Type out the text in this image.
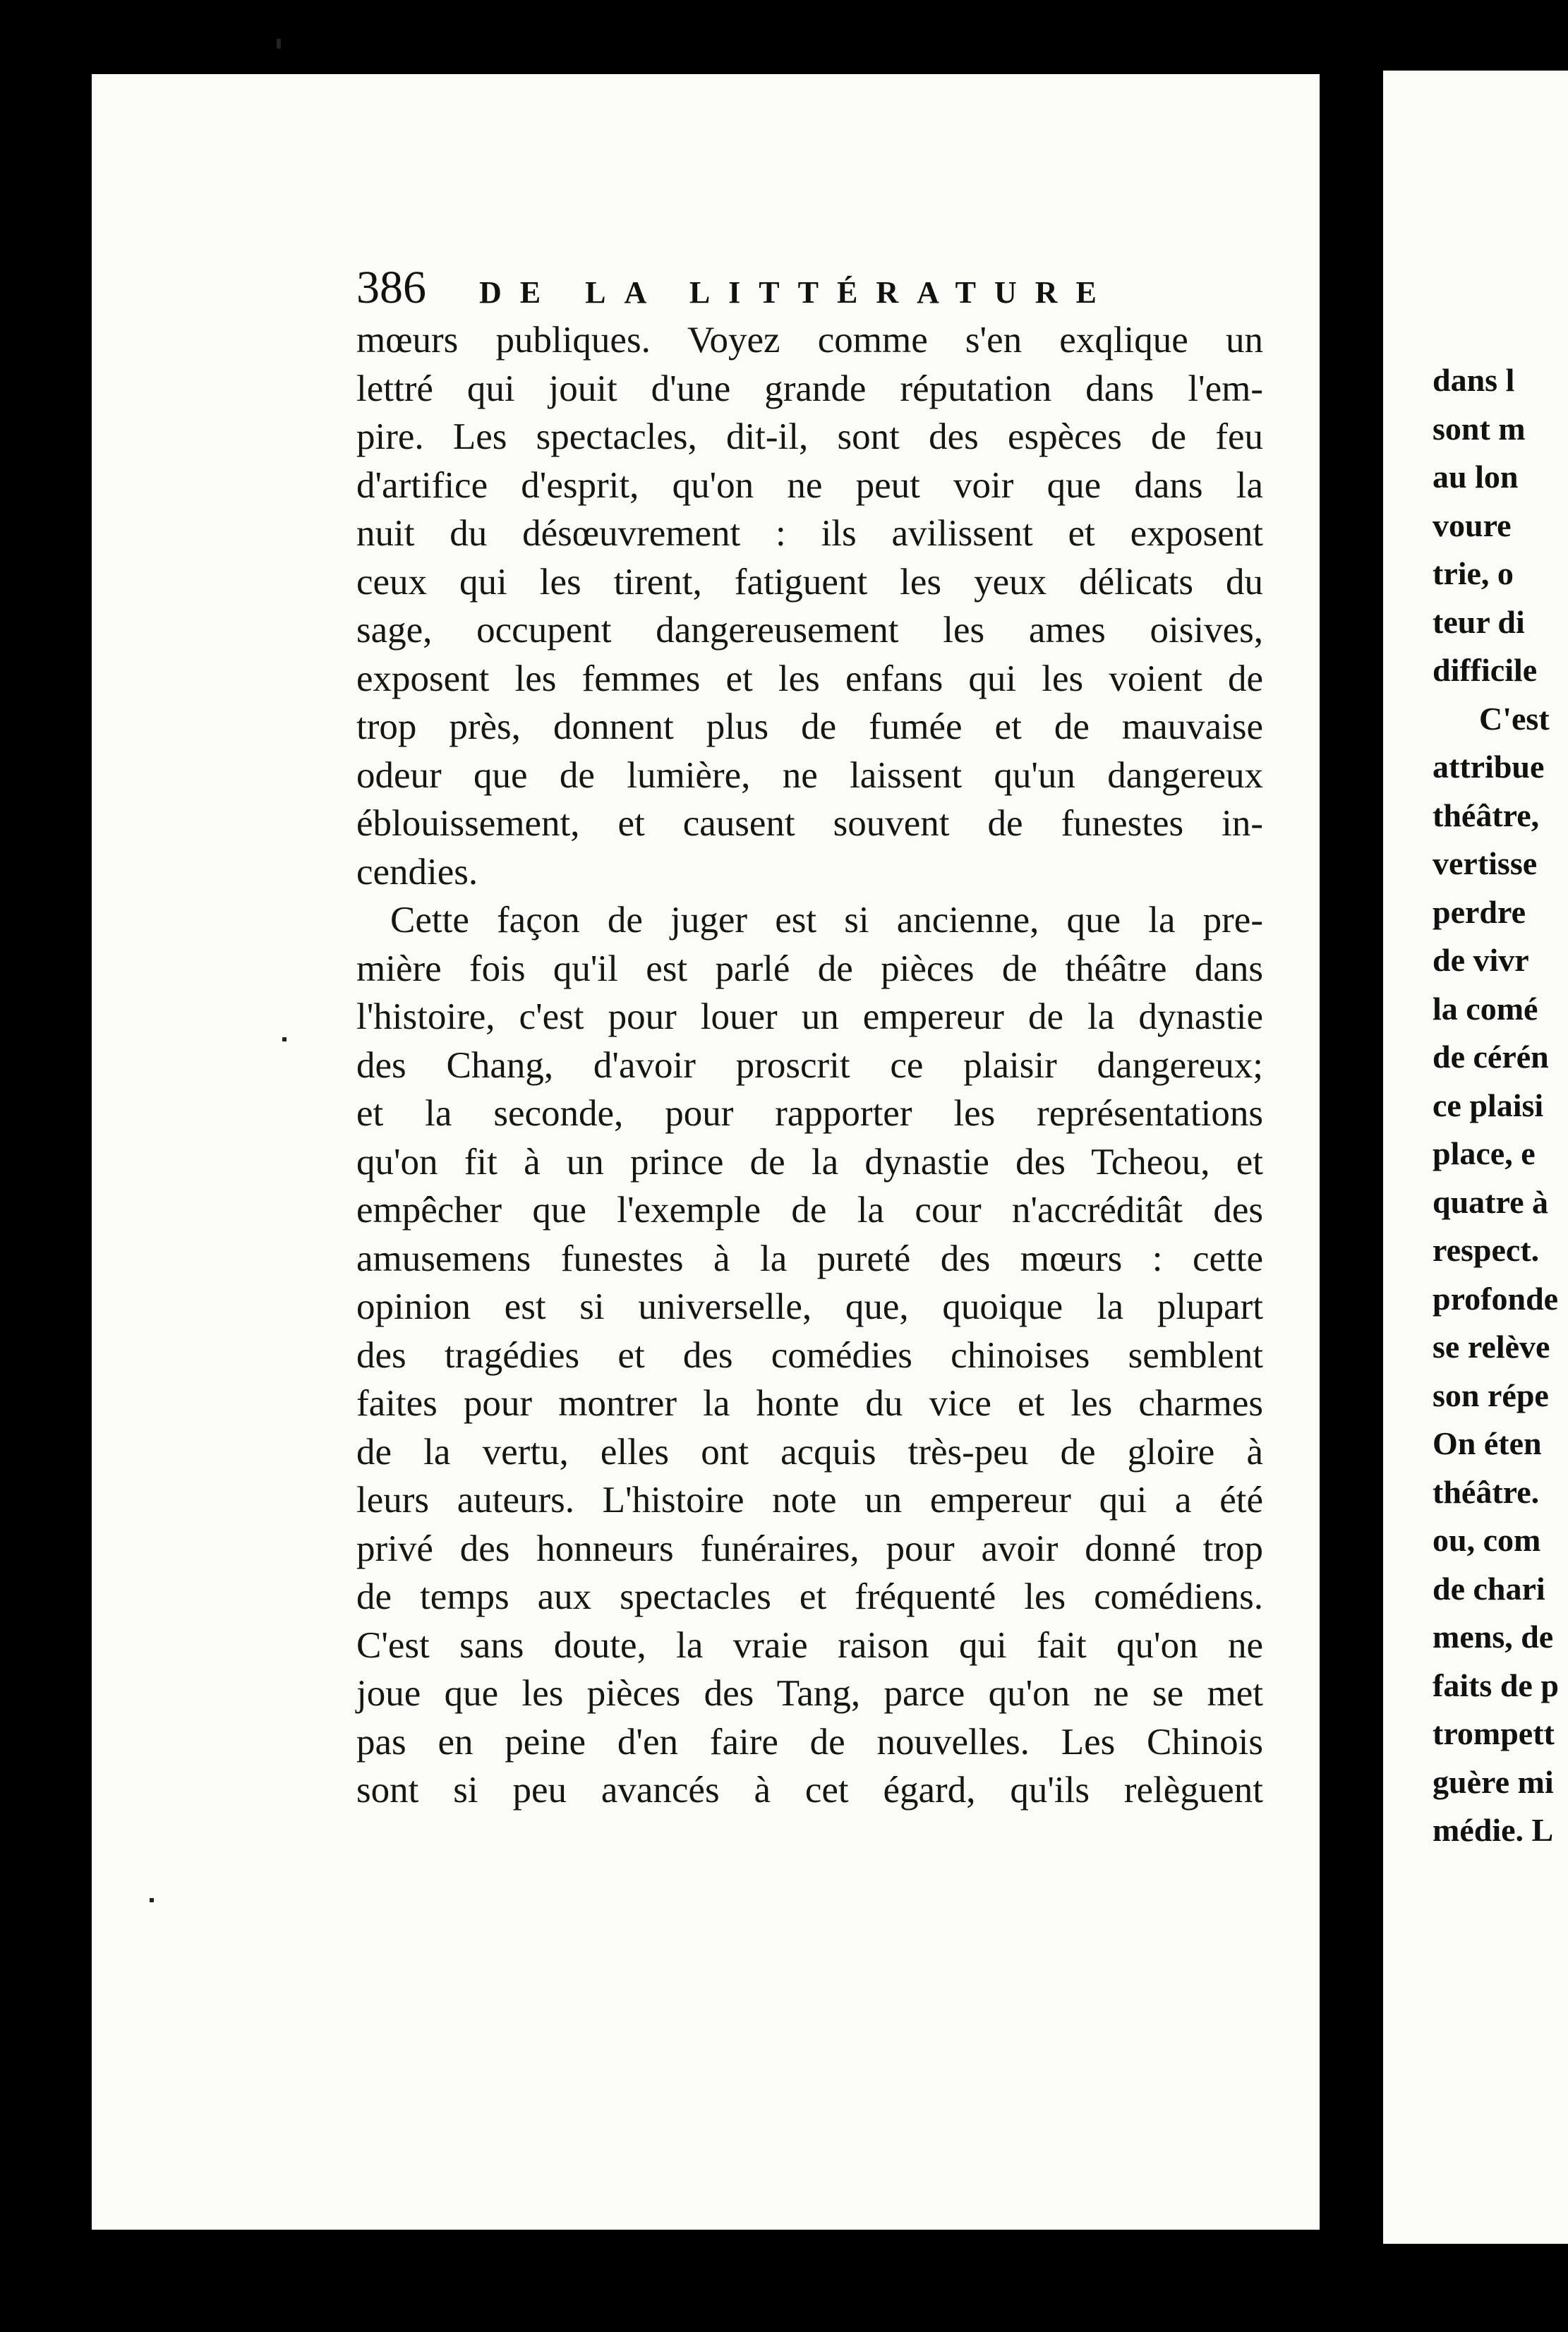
386 DE LA LITTÉRATURE
mœurs publiques. Voyez comme s'en exqlique un
lettré qui jouit d'une grande réputation dans l'em-
pire. Les spectacles, dit-il, sont des espèces de feu
d'artifice d'esprit, qu'on ne peut voir que dans la
nuit du désœuvrement : ils avilissent et exposent
ceux qui les tirent, fatiguent les yeux délicats du
sage, occupent dangereusement les ames oisives,
exposent les femmes et les enfans qui les voient de
trop près, donnent plus de fumée et de mauvaise
odeur que de lumière, ne laissent qu'un dangereux
éblouissement, et causent souvent de funestes in-
cendies.
Cette façon de juger est si ancienne, que la pre-
mière fois qu'il est parlé de pièces de théâtre dans
l'histoire, c'est pour louer un empereur de la dynastie
des Chang, d'avoir proscrit ce plaisir dangereux;
et la seconde, pour rapporter les représentations
qu'on fit à un prince de la dynastie des Tcheou, et
empêcher que l'exemple de la cour n'accréditât des
amusemens funestes à la pureté des mœurs : cette
opinion est si universelle, que, quoique la plupart
des tragédies et des comédies chinoises semblent
faites pour montrer la honte du vice et les charmes
de la vertu, elles ont acquis très-peu de gloire à
leurs auteurs. L'histoire note un empereur qui a été
privé des honneurs funéraires, pour avoir donné trop
de temps aux spectacles et fréquenté les comédiens.
C'est sans doute, la vraie raison qui fait qu'on ne
joue que les pièces des Tang, parce qu'on ne se met
pas en peine d'en faire de nouvelles. Les Chinois
sont si peu avancés à cet égard, qu'ils relèguent
dans l
sont m
au lon
voure
trie, o
teur di
difficile
C'est
attribue
théâtre,
vertisse
perdre
de vivr
la comé
de cérén
ce plaisi
place, e
quatre à
respect.
profonde
se relève
son répe
On éten
théâtre.
ou, com
de chari
mens, de
faits de p
trompett
guère mi
médie. L
